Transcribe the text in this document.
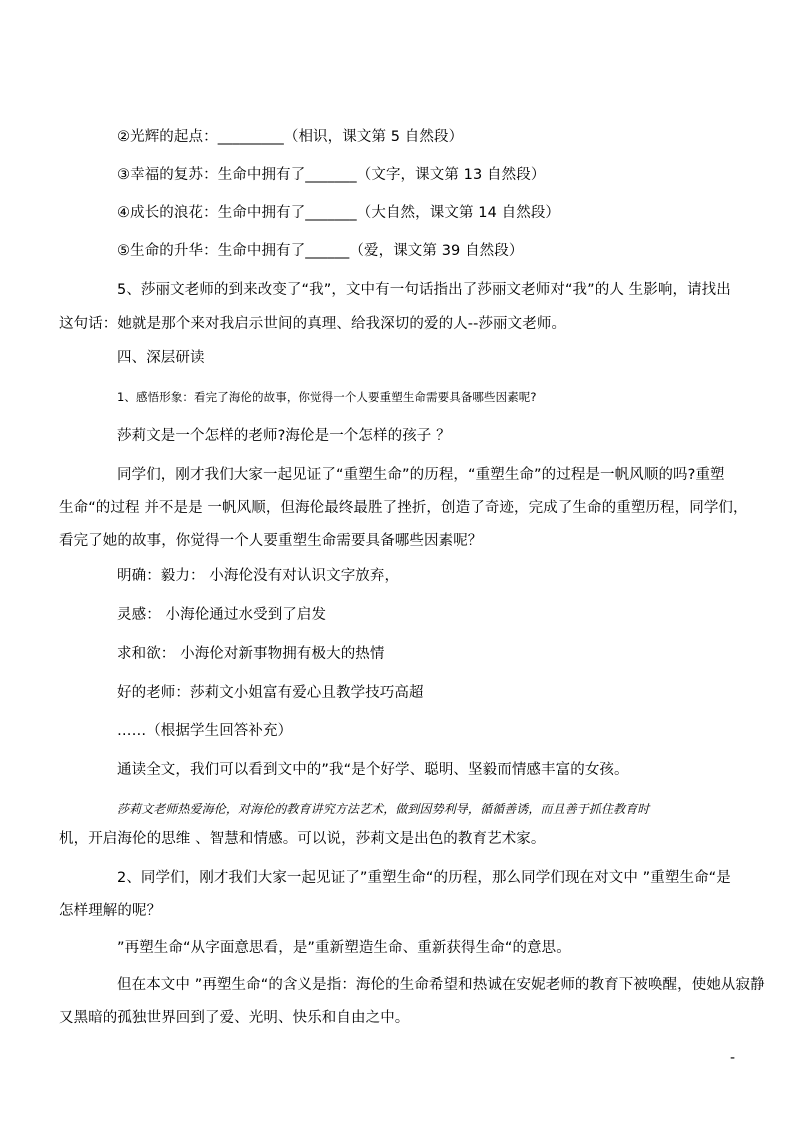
②光辉的起点：_________（相识，课文第 5 自然段）
③幸福的复苏：生命中拥有了_______（文字，课文第 13 自然段）
④成长的浪花：生命中拥有了_______（大自然，课文第 14 自然段）
⑤生命的升华：生命中拥有了______（爱，课文第 39 自然段）
5、莎丽文老师的到来改变了“我”，文中有一句话指出了莎丽文老师对“我”的人 生影响，请找出
这句话：她就是那个来对我启示世间的真理、给我深切的爱的人--莎丽文老师。
四、深层研读
1、感悟形象：看完了海伦的故事，你觉得一个人要重塑生命需要具备哪些因素呢?
莎莉文是一个怎样的老师?海伦是一个怎样的孩子 ？
同学们，刚才我们大家一起见证了“重塑生命”的历程，“重塑生命”的过程是一帆风顺的吗?重塑
生命“的过程 并不是是 一帆风顺，但海伦最终最胜了挫折，创造了奇迹，完成了生命的重塑历程，同学们，
看完了她的故事，你觉得一个人要重塑生命需要具备哪些因素呢？
明确：毅力： 小海伦没有对认识文字放弃，
灵感： 小海伦通过水受到了启发
求和欲： 小海伦对新事物拥有极大的热情
好的老师：莎莉文小姐富有爱心且教学技巧高超
……（根据学生回答补充）
通读全文，我们可以看到文中的”我“是个好学、聪明、坚毅而情感丰富的女孩。
莎莉文老师热爱海伦，对海伦的教育讲究方法艺术，做到因势利导，循循善诱，而且善于抓住教育时
机，开启海伦的思维 、智慧和情感。可以说，莎莉文是出色的教育艺术家。
2、同学们，刚才我们大家一起见证了”重塑生命“的历程，那么同学们现在对文中 ”重塑生命“是
怎样理解的呢？
”再塑生命“从字面意思看，是”重新塑造生命、重新获得生命“的意思。
但在本文中 ”再塑生命“的含义是指：海伦的生命希望和热诚在安妮老师的教育下被唤醒，使她从寂静
又黑暗的孤独世界回到了爱、光明、快乐和自由之中。
-
